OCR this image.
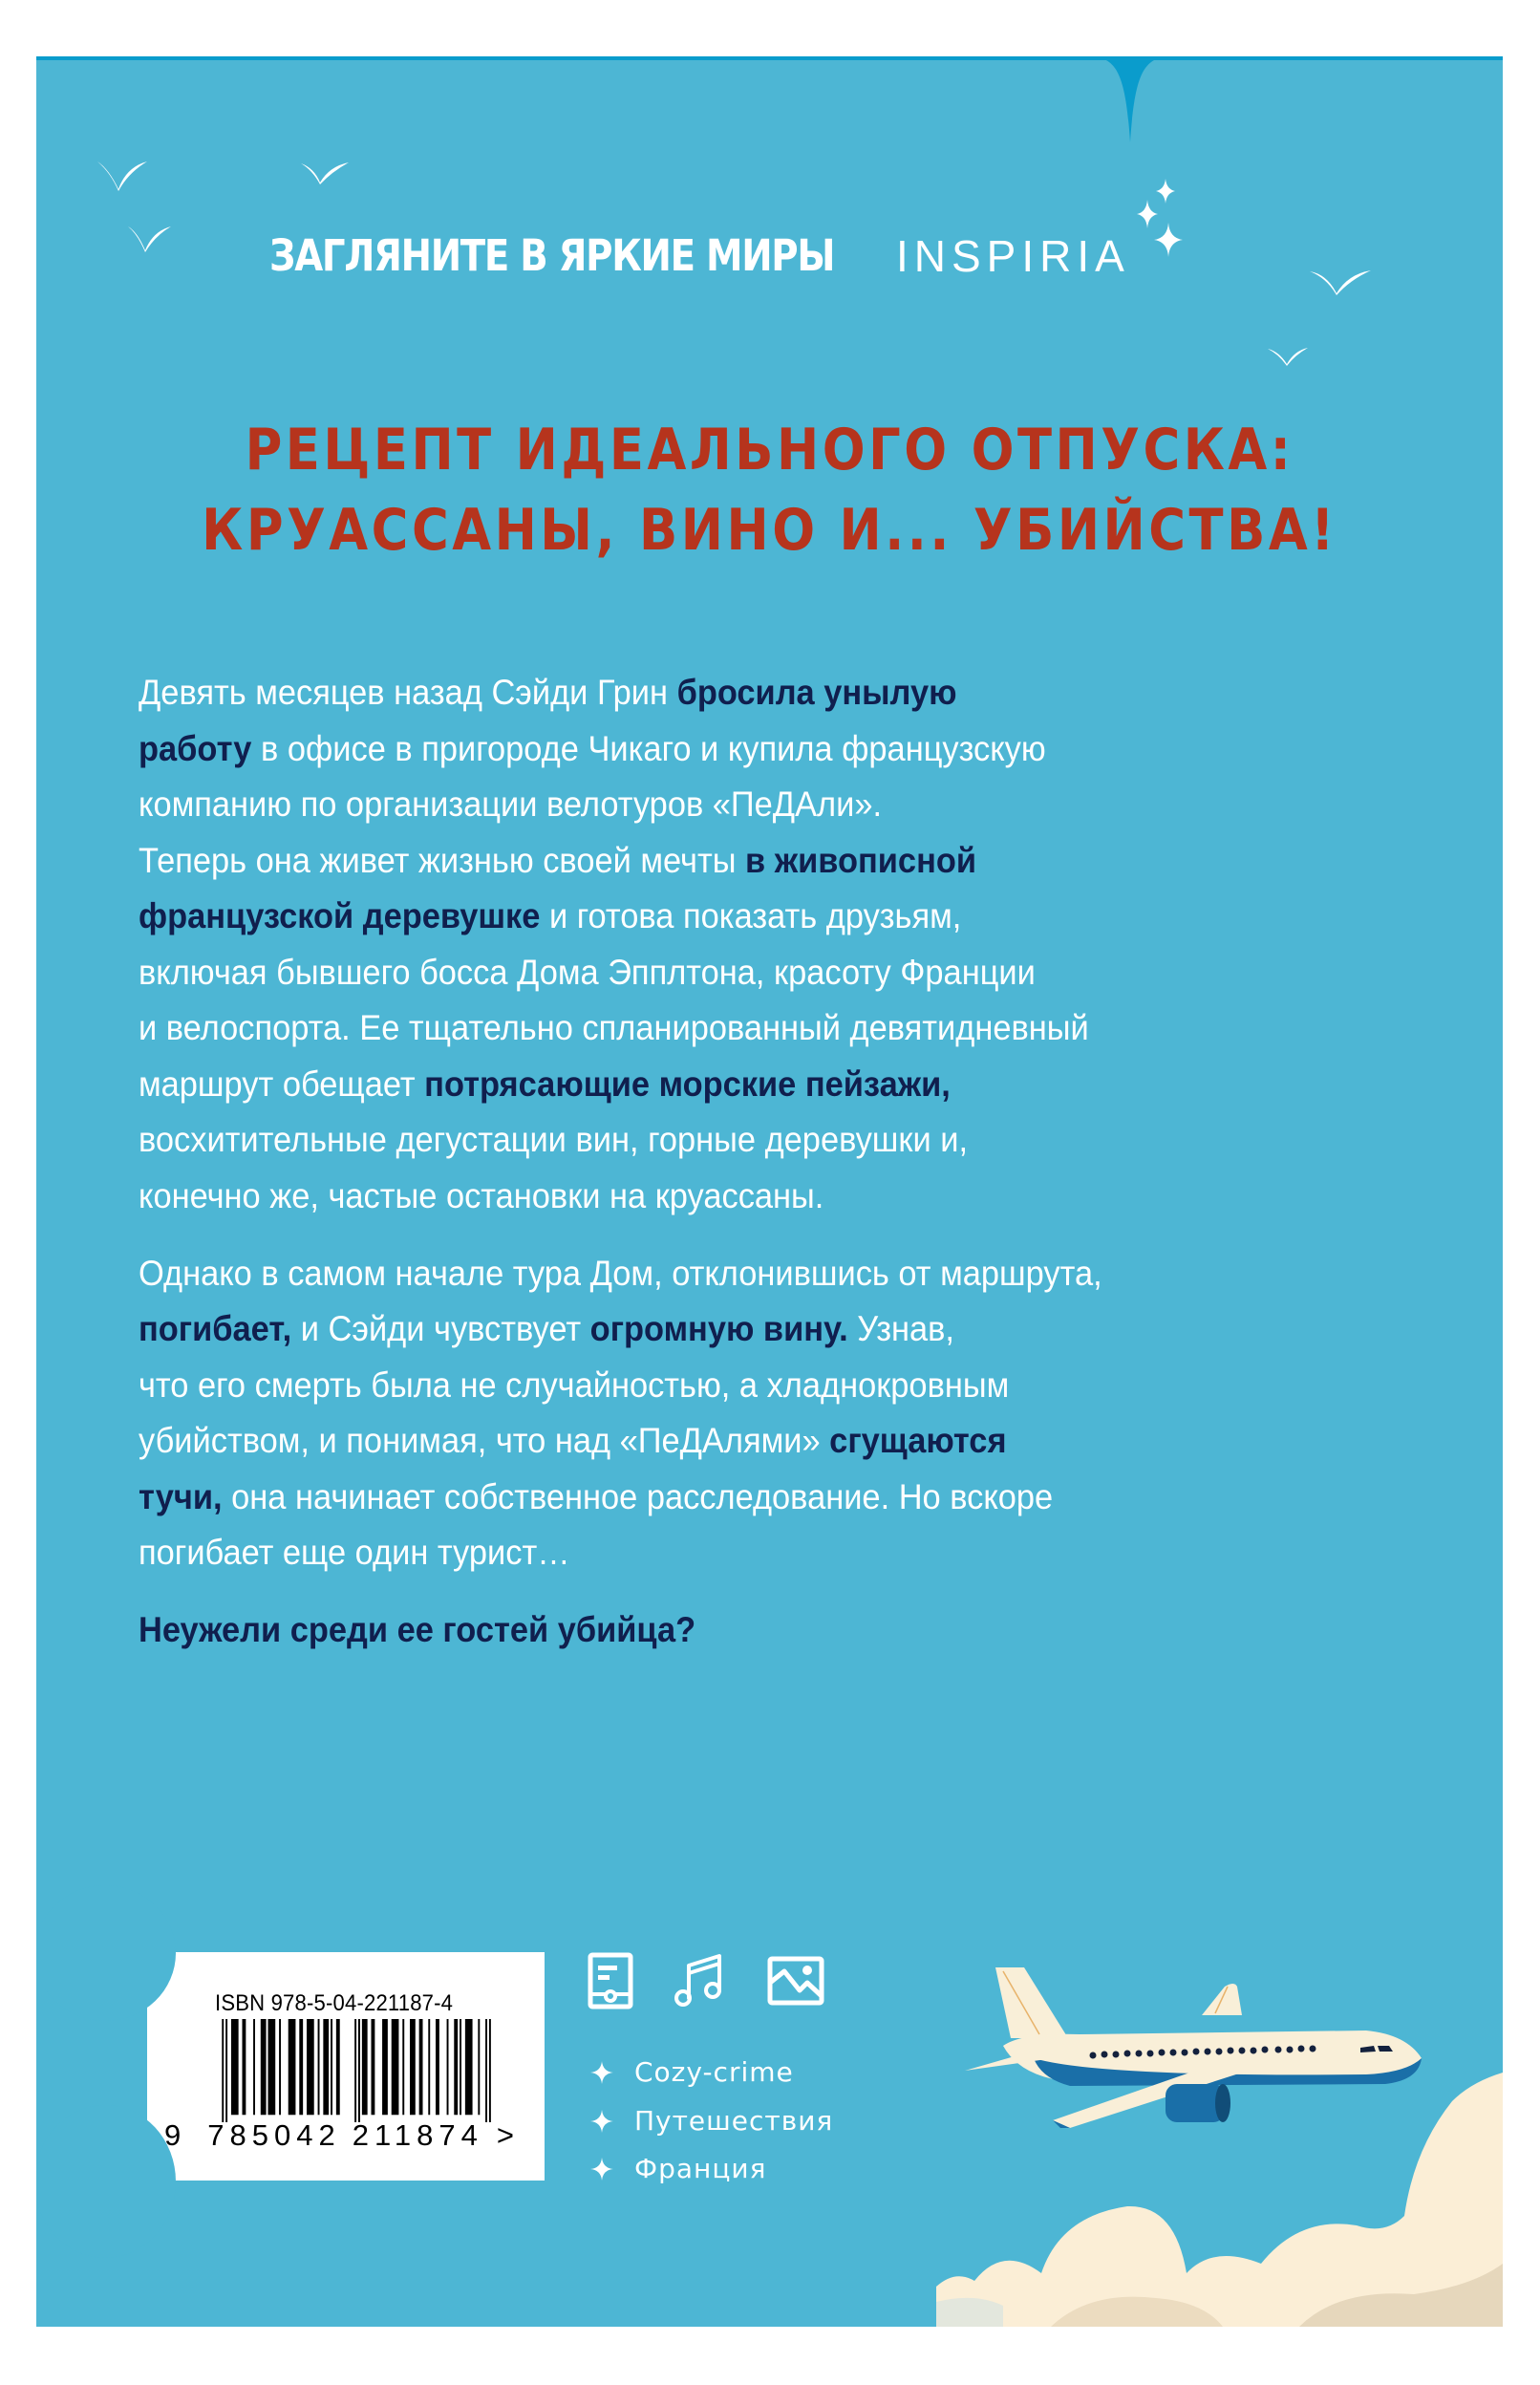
ЗАГЛЯНИТЕ В ЯРКИЕ МИРЫ INSPIRIA
РЕЦЕПТ ИДЕАЛЬНОГО ОТПУСКА:
КРУАССАНЫ, ВИНО И... УБИЙСТВА!

Девять месяцев назад Сэйди Грин бросила унылую
работу в офисе в пригороде Чикаго и купила французскую
компанию по организации велотуров «ПеДАли».
Теперь она живет жизнью своей мечты в живописной
французской деревушке и готова показать друзьям,
включая бывшего босса Дома Эпплтона, красоту Франции
и велоспорта. Ее тщательно спланированный девятидневный
маршрут обещает потрясающие морские пейзажи,
восхитительные дегустации вин, горные деревушки и,
конечно же, частые остановки на круассаны.

Однако в самом начале тура Дом, отклонившись от маршрута,
погибает, и Сэйди чувствует огромную вину. Узнав,
что его смерть была не случайностью, а хладнокровным
убийством, и понимая, что над «ПеДАлями» сгущаются
тучи, она начинает собственное расследование. Но вскоре
погибает еще один турист…

Неужели среди ее гостей убийца?

ISBN 978-5-04-221187-4
9 785042 211874 >
Cozy-crime
Путешествия
Франция
